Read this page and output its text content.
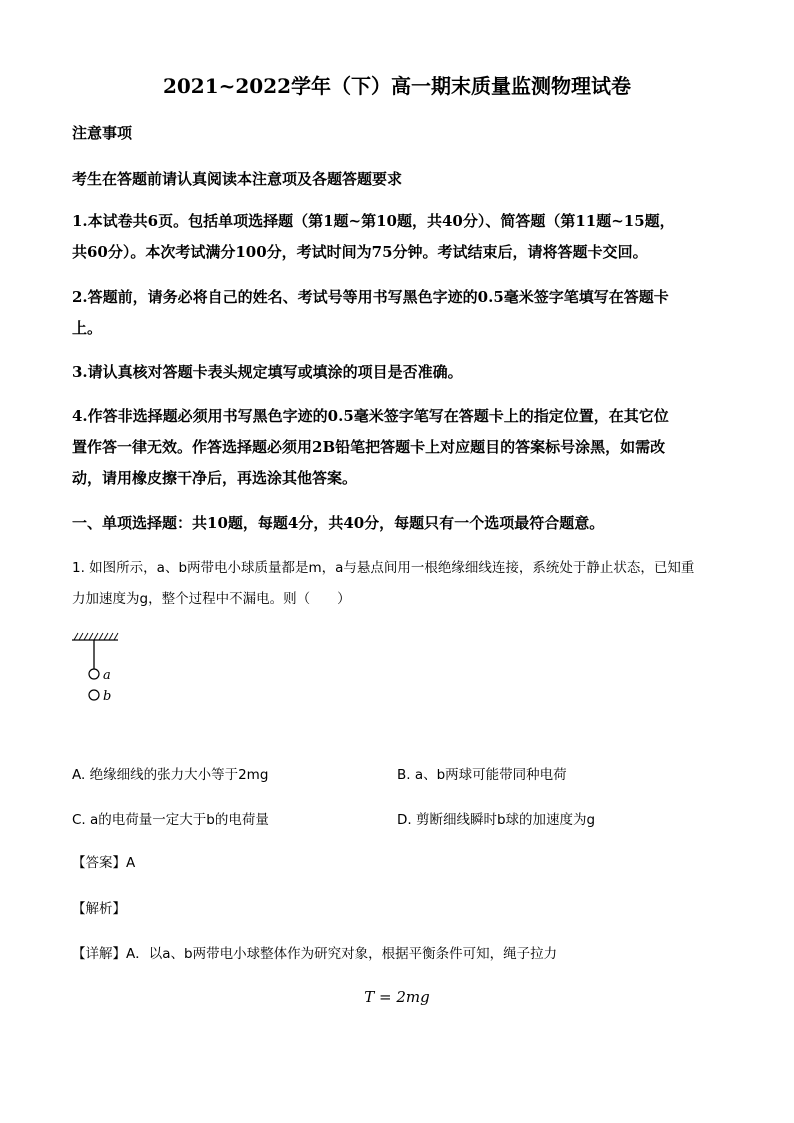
2021~2022学年（下）高一期末质量监测物理试卷
注意事项
考生在答题前请认真阅读本注意项及各题答题要求
1.本试卷共6页。包括单项选择题（第1题~第10题，共40分）、简答题（第11题~15题，
共60分）。本次考试满分100分，考试时间为75分钟。考试结束后，请将答题卡交回。
2.答题前，请务必将自己的姓名、考试号等用书写黑色字迹的0.5毫米签字笔填写在答题卡
上。
3.请认真核对答题卡表头规定填写或填涂的项目是否准确。
4.作答非选择题必须用书写黑色字迹的0.5毫米签字笔写在答题卡上的指定位置，在其它位
置作答一律无效。作答选择题必须用2B铅笔把答题卡上对应题目的答案标号涂黑，如需改
动，请用橡皮擦干净后，再选涂其他答案。
一、单项选择题：共10题，每题4分，共40分，每题只有一个选项最符合题意。
1. 如图所示，a、b两带电小球质量都是m，a与悬点间用一根绝缘细线连接，系统处于静止状态，已知重
力加速度为g，整个过程中不漏电。则（　　）
a
b
A. 绝缘细线的张力大小等于2mg	B. a、b两球可能带同种电荷
C. a的电荷量一定大于b的电荷量	D. 剪断细线瞬时b球的加速度为g
【答案】A
【解析】
【详解】A．以a、b两带电小球整体作为研究对象，根据平衡条件可知，绳子拉力
T = 2mg
